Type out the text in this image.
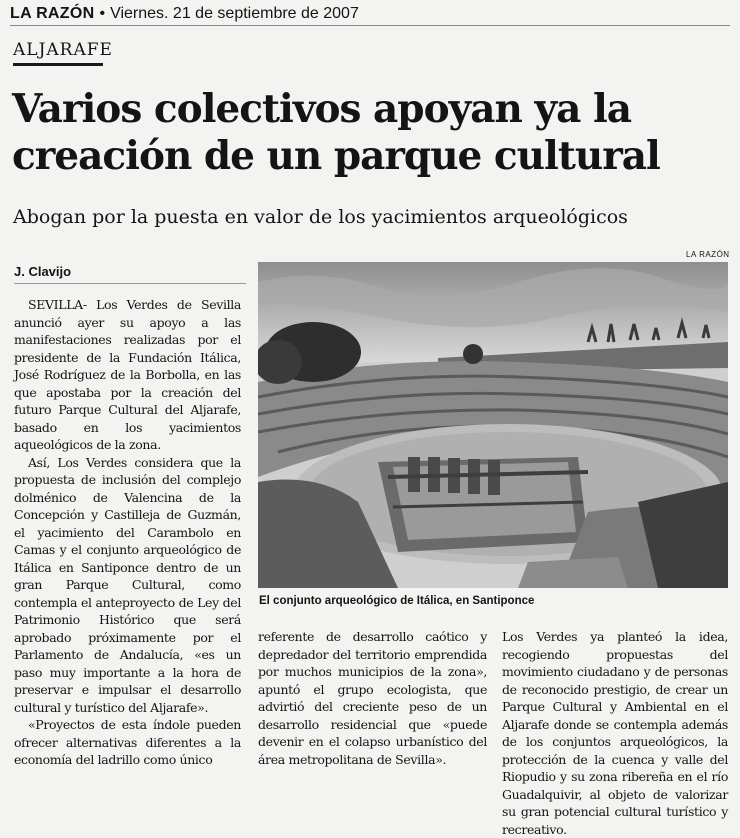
LA RAZÓN • Viernes. 21 de septiembre de 2007
ALJARAFE
Varios colectivos apoyan ya la
creación de un parque cultural

Abogan por la puesta en valor de los yacimientos arqueológicos

J. Clavijo
LA RAZÓN
El conjunto arqueológico de Itálica, en Santiponce

SEVILLA- Los Verdes de Sevilla anunció ayer su apoyo a las manifestaciones realizadas por el presidente de la Fundación Itálica, José Rodríguez de la Borbolla, en las que apostaba por la creación del futuro Parque Cultural del Aljarafe, basado en los yacimientos aqueológicos de la zona.

Así, Los Verdes considera que la propuesta de inclusión del complejo dolménico de Valencina de la Concepción y Castilleja de Guzmán, el yacimiento del Carambolo en Camas y el conjunto arqueológico de Itálica en Santiponce dentro de un gran Parque Cultural, como contempla el anteproyecto de Ley del Patrimonio Histórico que será aprobado próximamente por el Parlamento de Andalucía, «es un paso muy importante a la hora de preservar e impulsar el desarrollo cultural y turístico del Aljarafe».

«Proyectos de esta índole pueden ofrecer alternativas diferentes a la economía del ladrillo como único

referente de desarrollo caótico y depredador del territorio emprendida por muchos municipios de la zona», apuntó el grupo ecologista, que advirtió del creciente peso de un desarrollo residencial que «puede devenir en el colapso urbanístico del área metropolitana de Sevilla».

Los Verdes ya planteó la idea, recogiendo propuestas del movimiento ciudadano y de personas de reconocido prestigio, de crear un Parque Cultural y Ambiental en el Aljarafe donde se contempla además de los conjuntos arqueológicos, la protección de la cuenca y valle del Riopudio y su zona ribereña en el río Guadalquivir, al objeto de valorizar su gran potencial cultural turístico y recreativo.
